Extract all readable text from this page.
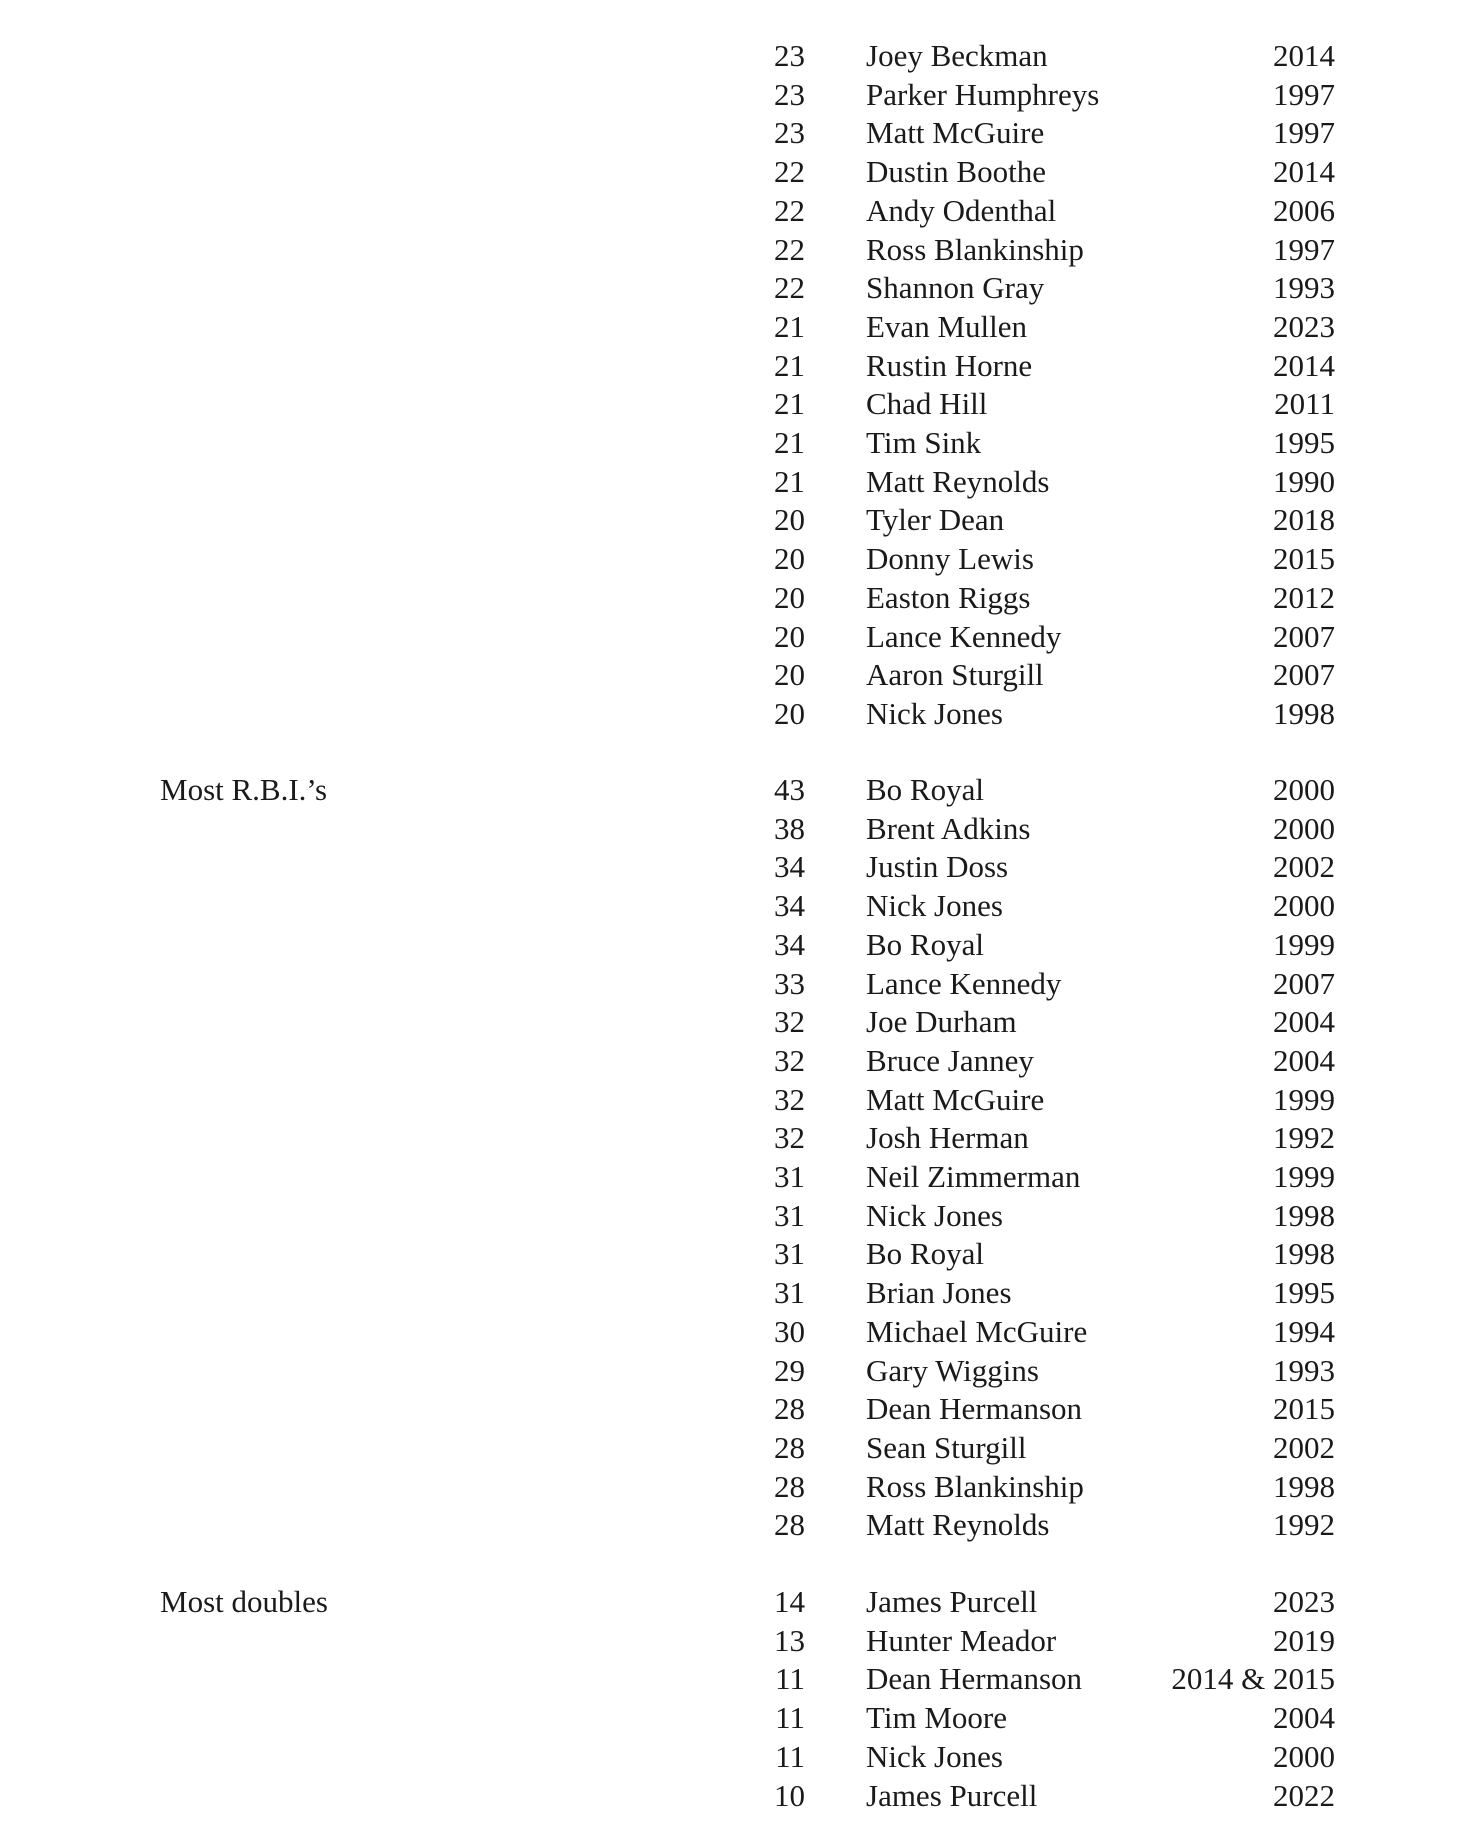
23 Joey Beckman	2014
23 Parker Humphreys	1997
23 Matt McGuire	1997
22 Dustin Boothe	2014
22 Andy Odenthal	2006
22 Ross Blankinship	1997
22 Shannon Gray	1993
21 Evan Mullen	2023
21 Rustin Horne	2014
21 Chad Hill	2011
21 Tim Sink	1995
21 Matt Reynolds	1990
20 Tyler Dean	2018
20 Donny Lewis	2015
20 Easton Riggs	2012
20 Lance Kennedy	2007
20 Aaron Sturgill	2007
20 Nick Jones	1998
Most R.B.I.’s	43 Bo Royal	2000
38 Brent Adkins	2000
34 Justin Doss	2002
34 Nick Jones	2000
34 Bo Royal	1999
33 Lance Kennedy	2007
32 Joe Durham	2004
32 Bruce Janney	2004
32 Matt McGuire	1999
32 Josh Herman	1992
31 Neil Zimmerman	1999
31 Nick Jones	1998
31 Bo Royal	1998
31 Brian Jones	1995
30 Michael McGuire	1994
29 Gary Wiggins	1993
28 Dean Hermanson	2015
28 Sean Sturgill	2002
28 Ross Blankinship	1998
28 Matt Reynolds	1992
Most doubles	14 James Purcell	2023
13 Hunter Meador	2019
11 Dean Hermanson	2014 & 2015
11 Tim Moore	2004
11 Nick Jones	2000
10 James Purcell	2022
